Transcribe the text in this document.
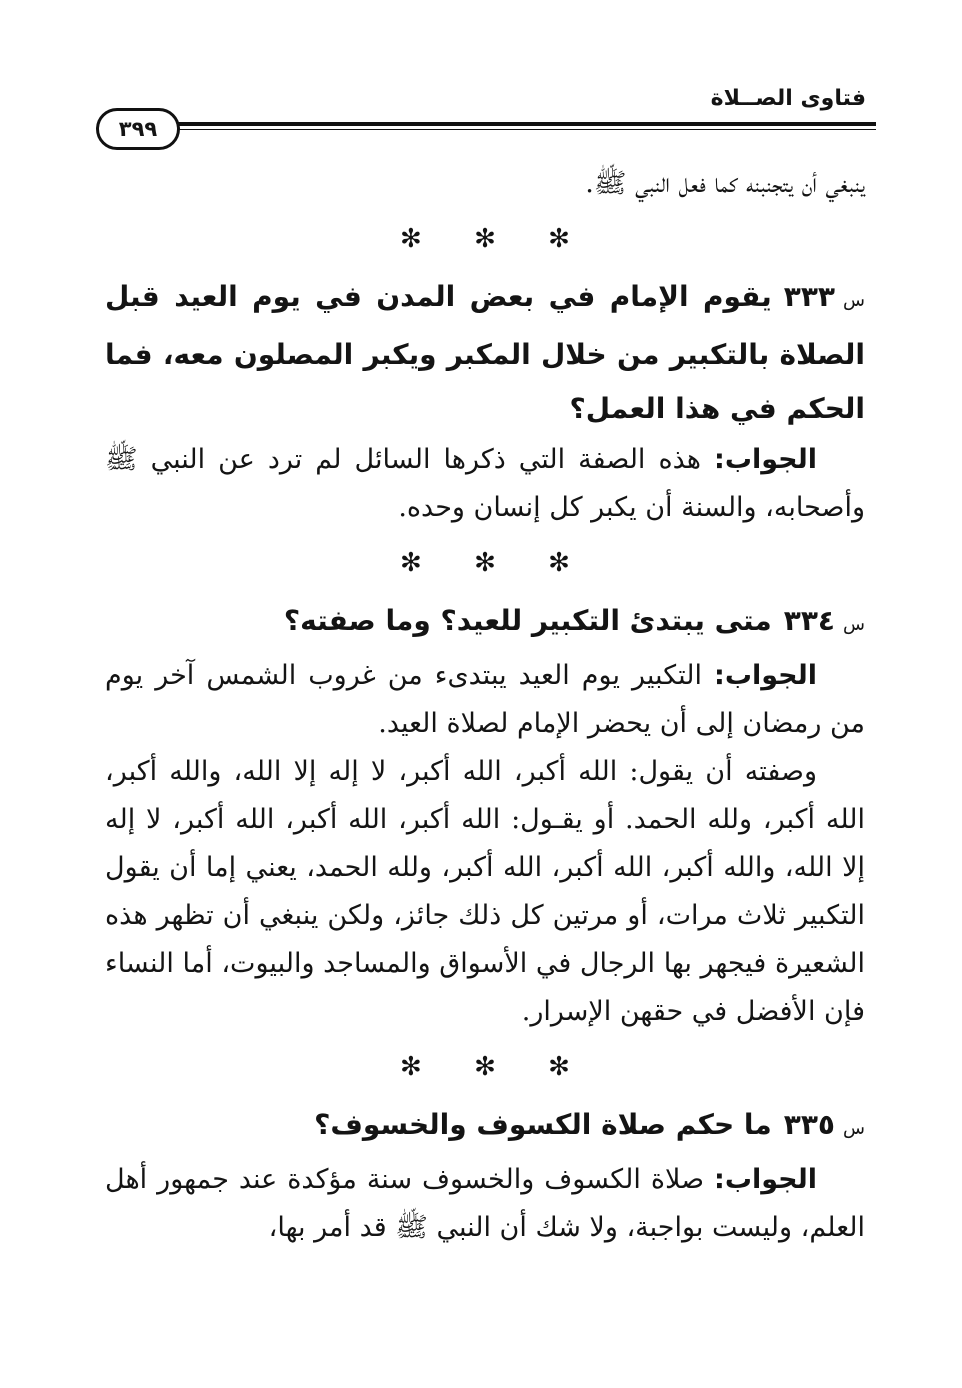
فتاوى الصــلاة
٣٩٩

ينبغي أن يتجنبنه كما فعل النبي ﷺ.

✻ ✻ ✻

س٣٣٣يقوم الإمام في بعض المدن في يوم العيد قبل الصلاة بالتكبير من خلال المكبر ويكبر المصلون معه، فما الحكم في هذا العمل؟

الجواب: هذه الصفة التي ذكرها السائل لم ترد عن النبي ﷺ وأصحابه، والسنة أن يكبر كل إنسان وحده.

✻ ✻ ✻

س٣٣٤متى يبتدئ التكبير للعيد؟ وما صفته؟

الجواب: التكبير يوم العيد يبتدىء من غروب الشمس آخر يوم من رمضان إلى أن يحضر الإمام لصلاة العيد.

وصفته أن يقول: الله أكبر، الله أكبر، لا إله إلا الله، والله أكبر، الله أكبر، ولله الحمد. أو يقـول: الله أكبر، الله أكبر، الله أكبر، لا إله إلا الله، والله أكبر، الله أكبر، الله أكبر، ولله الحمد، يعني إما أن يقول التكبير ثلاث مرات، أو مرتين كل ذلك جائز، ولكن ينبغي أن تظهر هذه الشعيرة فيجهر بها الرجال في الأسواق والمساجد والبيوت، أما النساء فإن الأفضل في حقهن الإسرار.

✻ ✻ ✻

س٣٣٥ما حكم صلاة الكسوف والخسوف؟

الجواب: صلاة الكسوف والخسوف سنة مؤكدة عند جمهور أهل العلم، وليست بواجبة، ولا شك أن النبي ﷺ قد أمر بها،
